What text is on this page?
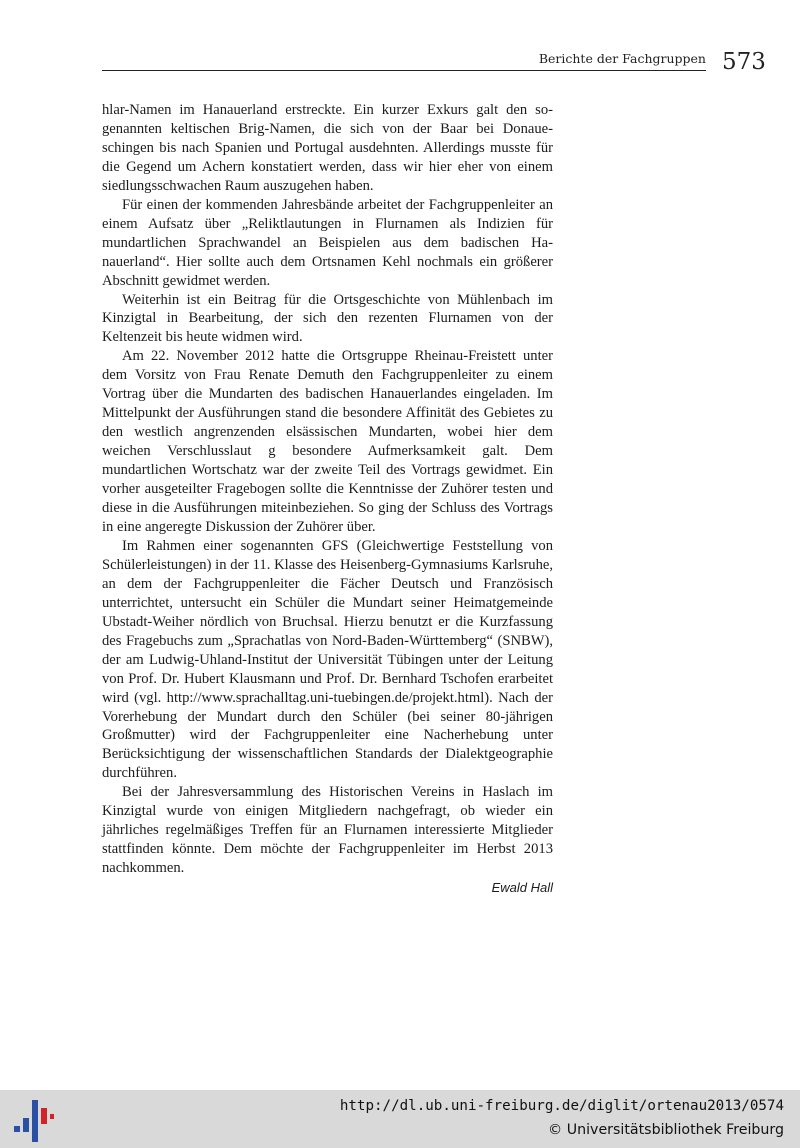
Berichte der Fachgruppen 573

hlar-Namen im Hanauerland erstreckte. Ein kurzer Exkurs galt den sogenannten keltischen Brig-Namen, die sich von der Baar bei Donaueschingen bis nach Spanien und Portugal ausdehnten. Allerdings musste für die Gegend um Achern konstatiert werden, dass wir hier eher von einem siedlungsschwachen Raum auszugehen haben.

Für einen der kommenden Jahresbände arbeitet der Fachgruppenleiter an einem Aufsatz über „Reliktlautungen in Flurnamen als Indizien für mundartlichen Sprachwandel an Beispielen aus dem badischen Hanauerland“. Hier sollte auch dem Ortsnamen Kehl nochmals ein größerer Abschnitt gewidmet werden.

Weiterhin ist ein Beitrag für die Ortsgeschichte von Mühlenbach im Kinzigtal in Bearbeitung, der sich den rezenten Flurnamen von der Keltenzeit bis heute widmen wird.

Am 22. November 2012 hatte die Ortsgruppe Rheinau-Freistett unter dem Vorsitz von Frau Renate Demuth den Fachgruppenleiter zu einem Vortrag über die Mundarten des badischen Hanauerlandes eingeladen. Im Mittelpunkt der Ausführungen stand die besondere Affinität des Gebietes zu den westlich angrenzenden elsässischen Mundarten, wobei hier dem weichen Verschlusslaut g besondere Aufmerksamkeit galt. Dem mundartlichen Wortschatz war der zweite Teil des Vortrags gewidmet. Ein vorher ausgeteilter Fragebogen sollte die Kenntnisse der Zuhörer testen und diese in die Ausführungen miteinbeziehen. So ging der Schluss des Vortrags in eine angeregte Diskussion der Zuhörer über.

Im Rahmen einer sogenannten GFS (Gleichwertige Feststellung von Schülerleistungen) in der 11. Klasse des Heisenberg-Gymnasiums Karlsruhe, an dem der Fachgruppenleiter die Fächer Deutsch und Französisch unterrichtet, untersucht ein Schüler die Mundart seiner Heimatgemeinde Ubstadt-Weiher nördlich von Bruchsal. Hierzu benutzt er die Kurzfassung des Fragebuchs zum „Sprachatlas von Nord-Baden-Württemberg“ (SNBW), der am Ludwig-Uhland-Institut der Universität Tübingen unter der Leitung von Prof. Dr. Hubert Klausmann und Prof. Dr. Bernhard Tschofen erarbeitet wird (vgl. http://www.sprachalltag.​uni-tuebingen.de/projekt.html). Nach der Vorerhebung der Mundart durch den Schüler (bei seiner 80-jährigen Großmutter) wird der Fachgruppenleiter eine Nacherhebung unter Berücksichtigung der wissenschaftlichen Standards der Dialektgeographie durchführen.

Bei der Jahresversammlung des Historischen Vereins in Haslach im Kinzigtal wurde von einigen Mitgliedern nachgefragt, ob wieder ein jährliches regelmäßiges Treffen für an Flurnamen interessierte Mitglieder stattfinden könnte. Dem möchte der Fachgruppenleiter im Herbst 2013 nachkommen.

Ewald Hall
http://dl.ub.uni-freiburg.de/diglit/ortenau2013/0574
© Universitätsbibliothek Freiburg
